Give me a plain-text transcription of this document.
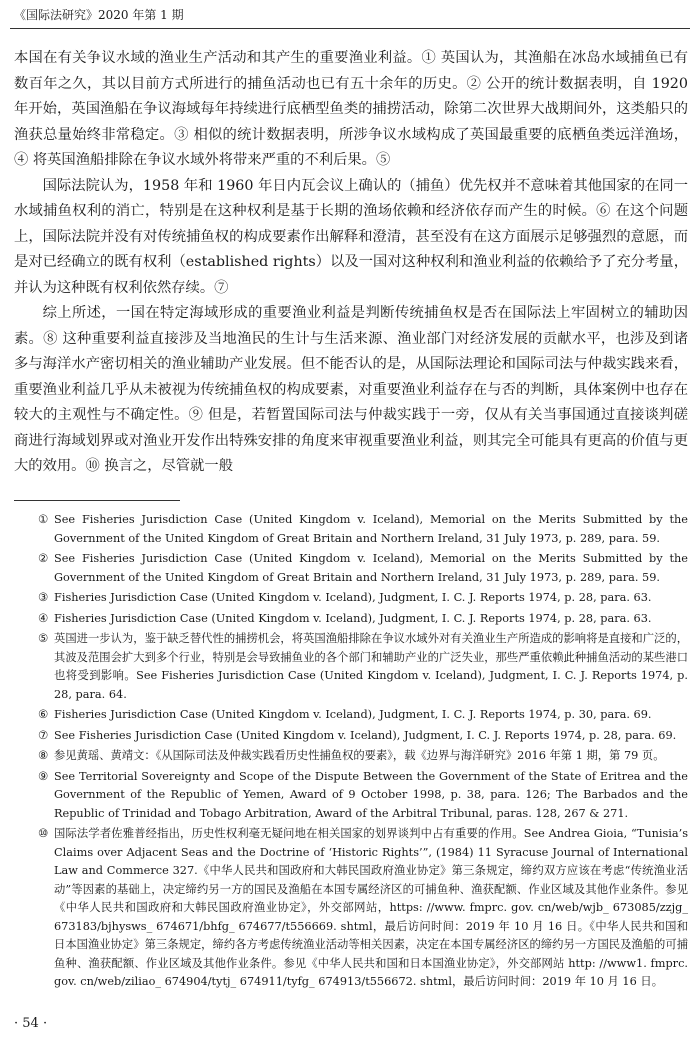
《国际法研究》2020 年第 1 期

本国在有关争议水域的渔业生产活动和其产生的重要渔业利益。① 英国认为，其渔船在冰岛水域捕鱼已有数百年之久，其以目前方式所进行的捕鱼活动也已有五十余年的历史。② 公开的统计数据表明，自 1920 年开始，英国渔船在争议海域每年持续进行底栖型鱼类的捕捞活动，除第二次世界大战期间外，这类船只的渔获总量始终非常稳定。③ 相似的统计数据表明，所涉争议水域构成了英国最重要的底栖鱼类远洋渔场，④ 将英国渔船排除在争议水域外将带来严重的不利后果。⑤

国际法院认为，1958 年和 1960 年日内瓦会议上确认的（捕鱼）优先权并不意味着其他国家的在同一水域捕鱼权利的消亡，特别是在这种权利是基于长期的渔场依赖和经济依存而产生的时候。⑥ 在这个问题上，国际法院并没有对传统捕鱼权的构成要素作出解释和澄清，甚至没有在这方面展示足够强烈的意愿，而是对已经确立的既有权利（established rights）以及一国对这种权利和渔业利益的依赖给予了充分考量，并认为这种既有权利依然存续。⑦

综上所述，一国在特定海域形成的重要渔业利益是判断传统捕鱼权是否在国际法上牢固树立的辅助因素。⑧ 这种重要利益直接涉及当地渔民的生计与生活来源、渔业部门对经济发展的贡献水平，也涉及到诸多与海洋水产密切相关的渔业辅助产业发展。但不能否认的是，从国际法理论和国际司法与仲裁实践来看，重要渔业利益几乎从未被视为传统捕鱼权的构成要素，对重要渔业利益存在与否的判断，具体案例中也存在较大的主观性与不确定性。⑨ 但是，若暂置国际司法与仲裁实践于一旁，仅从有关当事国通过直接谈判磋商进行海域划界或对渔业开发作出特殊安排的角度来审视重要渔业利益，则其完全可能具有更高的价值与更大的效用。⑩ 换言之，尽管就一般

① See Fisheries Jurisdiction Case (United Kingdom v. Iceland), Memorial on the Merits Submitted by the Government of the United Kingdom of Great Britain and Northern Ireland, 31 July 1973, p. 289, para. 59.
② See Fisheries Jurisdiction Case (United Kingdom v. Iceland), Memorial on the Merits Submitted by the Government of the United Kingdom of Great Britain and Northern Ireland, 31 July 1973, p. 289, para. 59.
③ Fisheries Jurisdiction Case (United Kingdom v. Iceland), Judgment, I. C. J. Reports 1974, p. 28, para. 63.
④ Fisheries Jurisdiction Case (United Kingdom v. Iceland), Judgment, I. C. J. Reports 1974, p. 28, para. 63.
⑤ 英国进一步认为，鉴于缺乏替代性的捕捞机会，将英国渔船排除在争议水域外对有关渔业生产所造成的影响将是直接和广泛的，其波及范围会扩大到多个行业，特别是会导致捕鱼业的各个部门和辅助产业的广泛失业，那些严重依赖此种捕鱼活动的某些港口也将受到影响。See Fisheries Jurisdiction Case (United Kingdom v. Iceland), Judgment, I. C. J. Reports 1974, p. 28, para. 64.
⑥ Fisheries Jurisdiction Case (United Kingdom v. Iceland), Judgment, I. C. J. Reports 1974, p. 30, para. 69.
⑦ See Fisheries Jurisdiction Case (United Kingdom v. Iceland), Judgment, I. C. J. Reports 1974, p. 28, para. 69.
⑧ 参见黄瑶、黄靖文：《从国际司法及仲裁实践看历史性捕鱼权的要素》，载《边界与海洋研究》2016 年第 1 期，第 79 页。
⑨ See Territorial Sovereignty and Scope of the Dispute Between the Government of the State of Eritrea and the Government of the Republic of Yemen, Award of 9 October 1998, p. 38, para. 126; The Barbados and the Republic of Trinidad and Tobago Arbitration, Award of the Arbitral Tribunal, paras. 128, 267 & 271.
⑩ 国际法学者佐雅普经指出，历史性权利毫无疑问地在相关国家的划界谈判中占有重要的作用。See Andrea Gioia, “Tunisia’s Claims over Adjacent Seas and the Doctrine of ‘Historic Rights’”, (1984) 11 Syracuse Journal of International Law and Commerce 327.《中华人民共和国政府和大韩民国政府渔业协定》第三条规定，缔约双方应该在考虑“传统渔业活动”等因素的基础上，决定缔约另一方的国民及渔船在本国专属经济区的可捕鱼种、渔获配额、作业区域及其他作业条件。参见《中华人民共和国政府和大韩民国政府渔业协定》，外交部网站，https: //www. fmprc. gov. cn/web/wjb_ 673085/zzjg_ 673183/bjhysws_ 674671/bhfg_ 674677/t556669. shtml，最后访问时间：2019 年 10 月 16 日。《中华人民共和国和日本国渔业协定》第三条规定，缔约各方考虑传统渔业活动等相关因素，决定在本国专属经济区的缔约另一方国民及渔船的可捕鱼种、渔获配额、作业区域及其他作业条件。参见《中华人民共和国和日本国渔业协定》，外交部网站 http: //www1. fmprc. gov. cn/web/ziliao_ 674904/tytj_ 674911/tyfg_ 674913/t556672. shtml，最后访问时间：2019 年 10 月 16 日。
· 54 ·
